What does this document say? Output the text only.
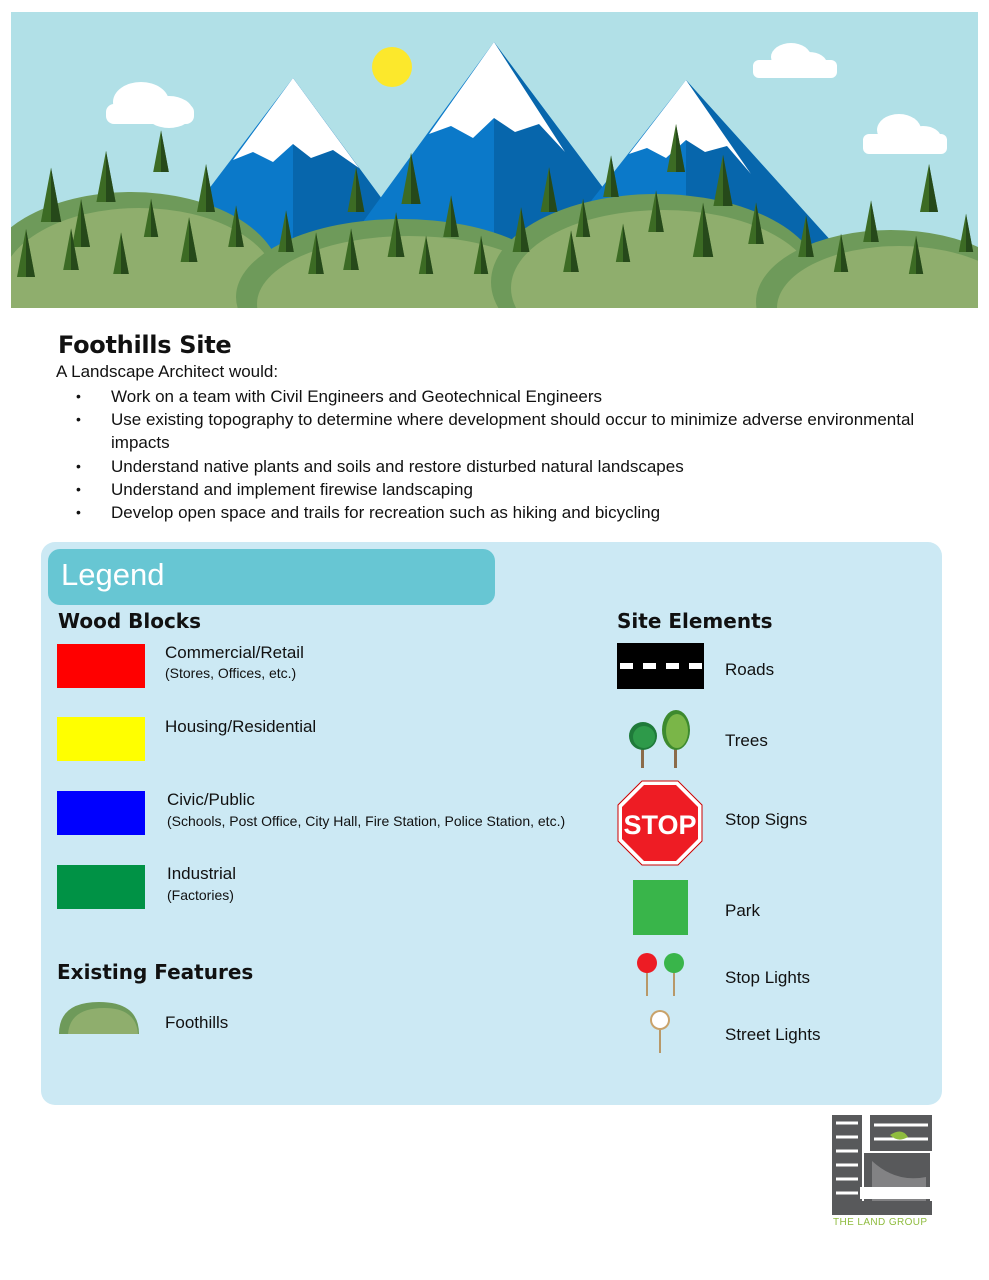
Foothills Site

A Landscape Architect would:

• Work on a team with Civil Engineers and Geotechnical Engineers
• Use existing topography to determine where development should occur to minimize adverse environmental impacts
• Understand native plants and soils and restore disturbed natural landscapes
• Understand and implement firewise landscaping
• Develop open space and trails for recreation such as hiking and bicycling

Legend

Wood Blocks

Commercial/Retail

(Stores, Offices, etc.)

Housing/Residential

Civic/Public

(Schools, Post Office, City Hall, Fire Station, Police Station, etc.)

Industrial

(Factories)

Existing Features

Foothills

Site Elements

Roads

Trees

STOP Stop Signs

Park

Stop Lights

Street Lights

THE LAND GROUP
